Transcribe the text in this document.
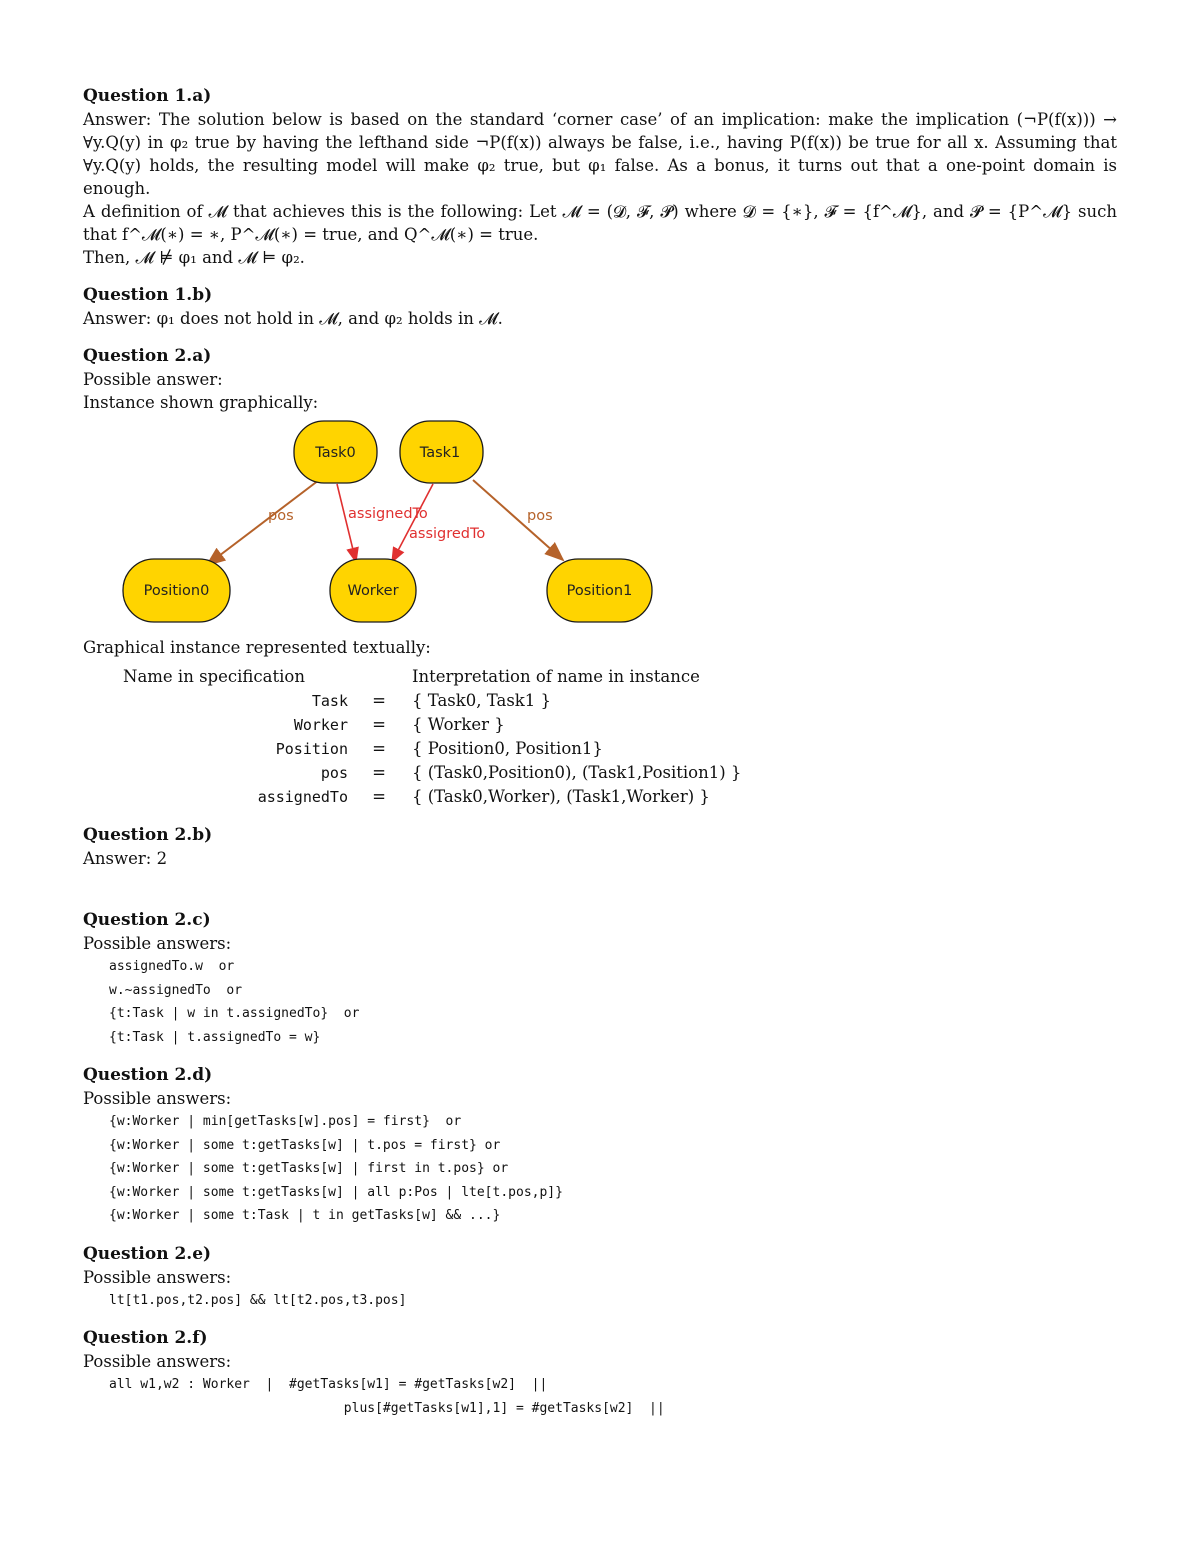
Question 1.a)

Answer: The solution below is based on the standard ‘corner case’ of an implication: make the implication (¬P(f(x))) → ∀y.Q(y) in φ₂ true by having the lefthand side ¬P(f(x)) always be false, i.e., having P(f(x)) be true for all x. Assuming that ∀y.Q(y) holds, the resulting model will make φ₂ true, but φ₁ false. As a bonus, it turns out that a one-point domain is enough.

A definition of 𝓜 that achieves this is the following: Let 𝓜 = (𝓓, 𝓕, 𝓟) where 𝓓 = {∗}, 𝓕 = {f^𝓜}, and 𝓟 = {P^𝓜} such that f^𝓜(∗) = ∗, P^𝓜(∗) = true, and Q^𝓜(∗) = true.

Then, 𝓜 ⊭ φ₁ and 𝓜 ⊨ φ₂.

Question 1.b)

Answer: φ₁ does not hold in 𝓜, and φ₂ holds in 𝓜.

Question 2.a)

Possible answer:

Instance shown graphically:

pos	assignedTo
assigredTo
pos
Task0	Task1
Position0	Worker	Position1

Graphical instance represented textually:

Name in specification		Interpretation of name in instance
Task	=	{ Task0, Task1 }
Worker	=	{ Worker }
Position	=	{ Position0, Position1}
pos	=	{ (Task0,Position0), (Task1,Position1) }
assignedTo	=	{ (Task0,Worker), (Task1,Worker) }

Question 2.b)

Answer: 2

Question 2.c)

Possible answers:

assignedTo.w  or

w.~assignedTo  or

{t:Task | w in t.assignedTo}  or

{t:Task | t.assignedTo = w}

Question 2.d)

Possible answers:

{w:Worker | min[getTasks[w].pos] = first}  or

{w:Worker | some t:getTasks[w] | t.pos = first} or

{w:Worker | some t:getTasks[w] | first in t.pos} or

{w:Worker | some t:getTasks[w] | all p:Pos | lte[t.pos,p]}

{w:Worker | some t:Task | t in getTasks[w] && ...}

Question 2.e)

Possible answers:

lt[t1.pos,t2.pos] && lt[t2.pos,t3.pos]

Question 2.f)

Possible answers:

all w1,w2 : Worker  |  #getTasks[w1] = #getTasks[w2]  ||

plus[#getTasks[w1],1] = #getTasks[w2]  ||
